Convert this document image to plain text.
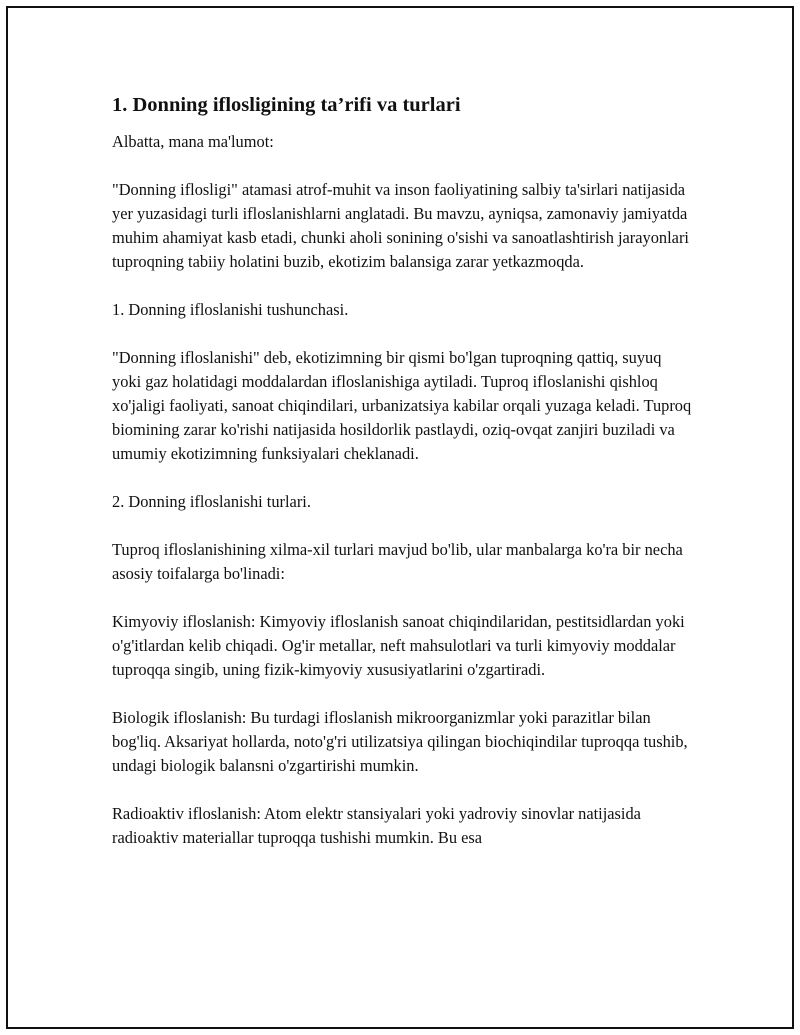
1. Donning iflosligining ta’rifi va turlari

Albatta, mana ma'lumot:

"Donning iflosligі" atamasi atrof-muhit va inson faoliyatining salbiy ta'sіrlari natijasida yer yuzasidagi turli ifloslanishlarni anglatadi. Bu mavzu, ayniqsa, zamonaviy jamiyatda muhim ahamiyat kasb etadi, chunki aholi sonining o'sіshi va sanoatlashtirish jarayonlari tuproqning tabiiy holatini buzib, ekotizim balansiga zarar yetkazmoqda.

1. Donning ifloslanishi tushunchasi.

"Donning ifloslanishi" deb, ekotizimning bir qismi bo'lgan tuproqning qattiq, suyuq yoki gaz holatidagi moddalardan ifloslanishiga aytiladi. Tuproq ifloslanishi qishloq xo'jaligi faoliyati, sanoat chiqindilari, urbanizatsiya kabilar orqali yuzaga keladi. Tuproq biomining zarar ko'rishi natijasida hosildorlik pastlaydi, oziq-ovqat zanjiri buziladi va umumiy ekotizimning funksiyalari cheklanadi.

2. Donning ifloslanishi turlari.

Tuproq ifloslanishining xilma-xil turlari mavjud bo'lib, ular manbalarga ko'ra bir necha asosiy toifalarga bo'linadi:

Kimyoviy ifloslanish: Kimyoviy ifloslanish sanoat chiqindilaridan, pestitsidlardan yoki o'g'itlardan kelib chiqadi. Og'ir metallar, neft mahsulotlari va turli kimyoviy moddalar tuproqqa singib, uning fizik-kimyoviy xususiyatlarini o'zgartiradi.

Biologik ifloslanish: Bu turdagi ifloslanish mikroorganizmlar yoki parazitlar bilan bog'liq. Aksariyat hollarda, noto'g'ri utilizatsiya qilingan biochiqindilar tuproqqa tushib, undagi biologik balansni o'zgartirishi mumkin.

Radioaktiv ifloslanish: Atom elektr stansiyalari yoki yadroviy sinovlar natijasida radioaktiv materiallar tuproqqa tushishi mumkin. Bu esa
